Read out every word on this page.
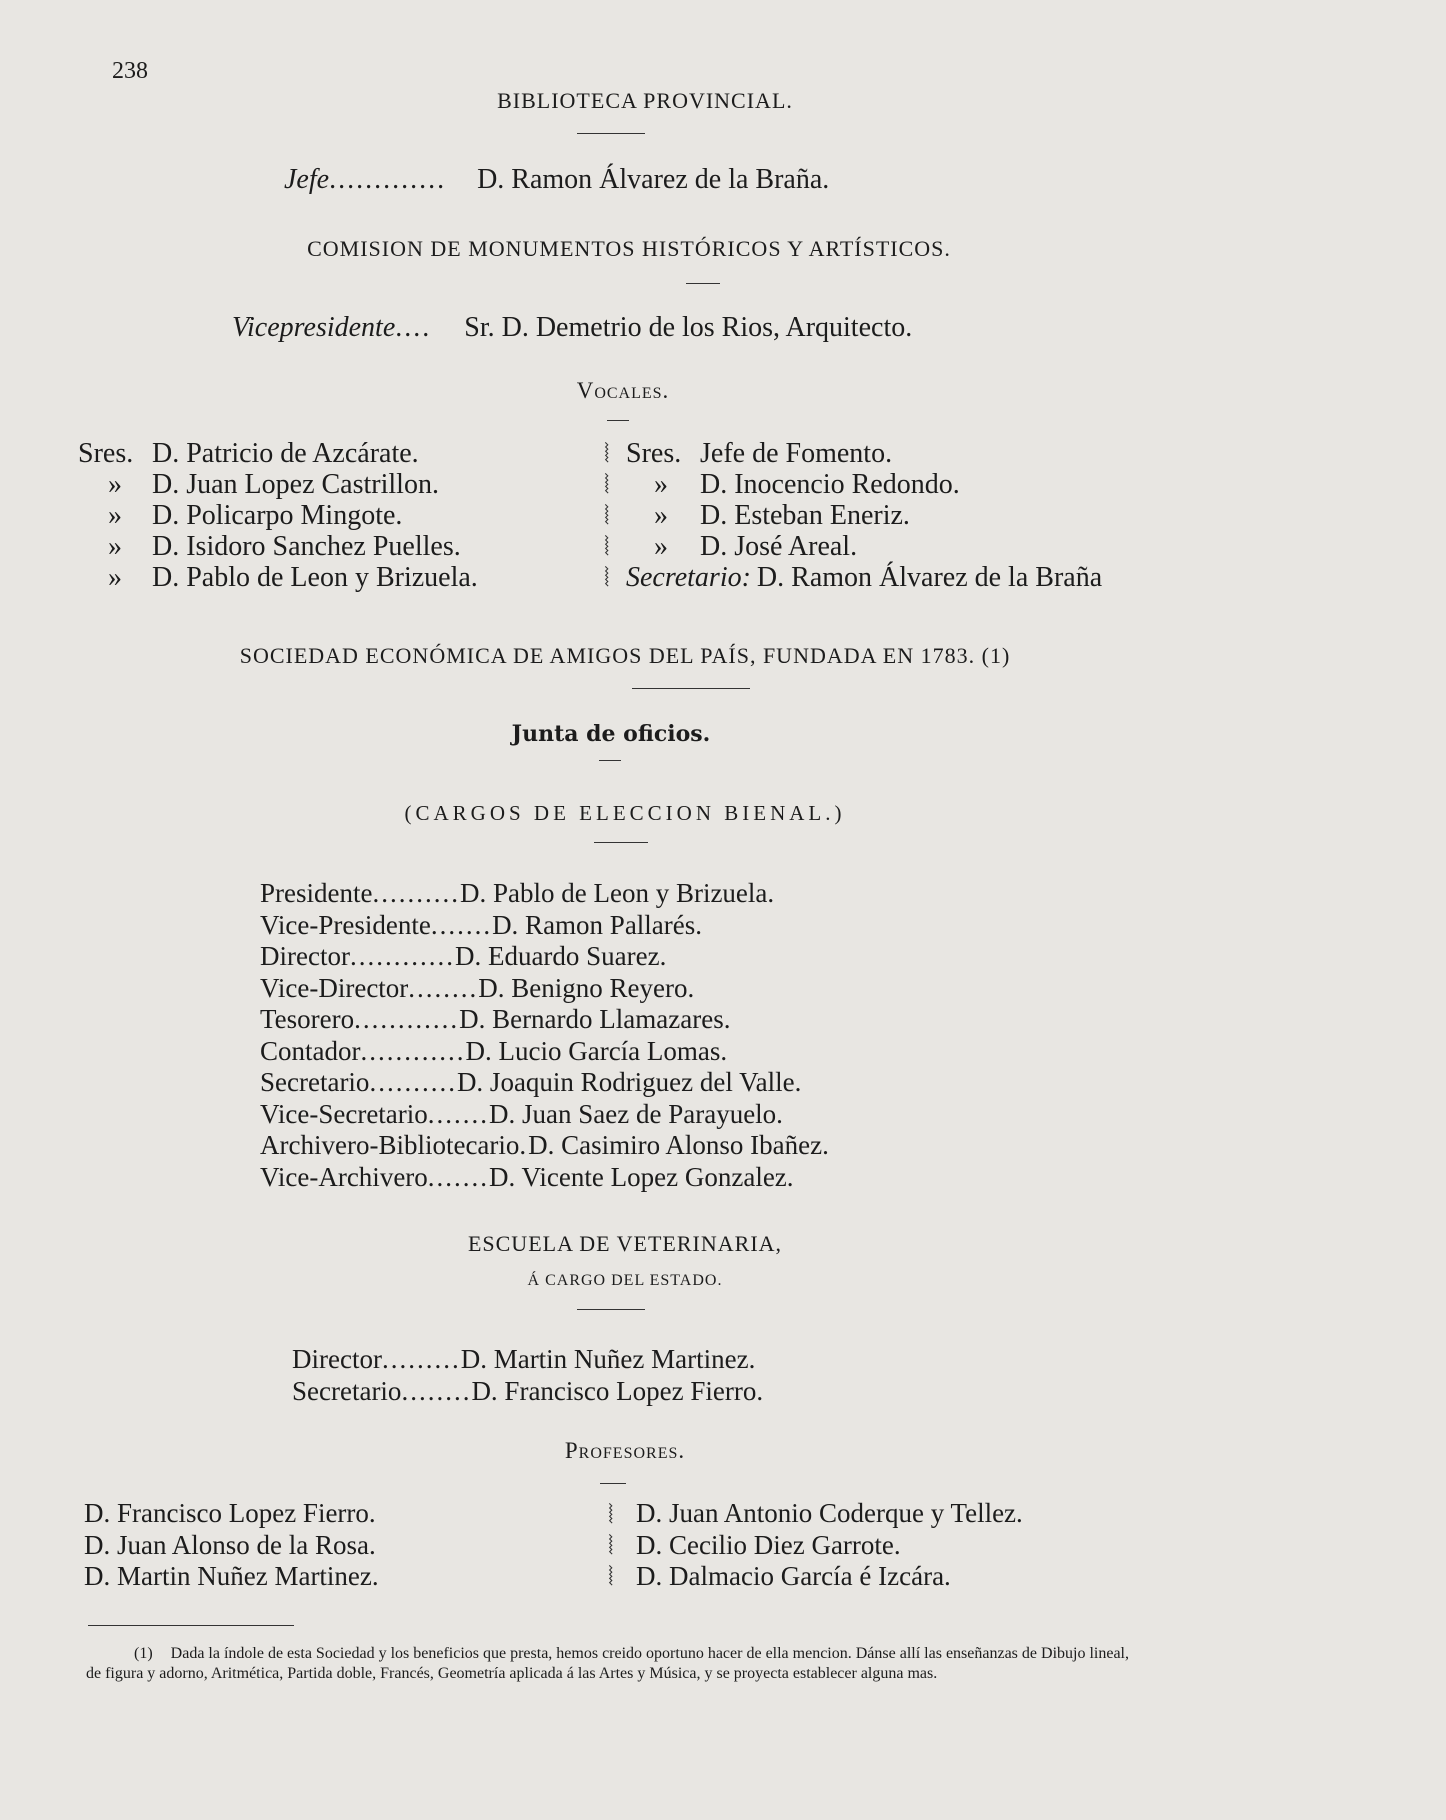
238
BIBLIOTECA PROVINCIAL.
Jefe............. D. Ramon Álvarez de la Braña.
COMISION DE MONUMENTOS HISTÓRICOS Y ARTÍSTICOS.
Vicepresidente.... Sr. D. Demetrio de los Rios, Arquitecto.
Vocales.
Sres. D. Patricio de Azcárate.
» D. Juan Lopez Castrillon.
» D. Policarpo Mingote.
» D. Isidoro Sanchez Puelles.
» D. Pablo de Leon y Brizuela.
⦚
⦚
⦚
⦚
⦚
Sres. Jefe de Fomento.
» D. Inocencio Redondo.
» D. Esteban Eneriz.
» D. José Areal.
Secretario: D. Ramon Álvarez de la Braña
SOCIEDAD ECONÓMICA DE AMIGOS DEL PAÍS, FUNDADA EN 1783. (1)
Junta de oficios.
(CARGOS DE ELECCION BIENAL.)
Presidente..........D. Pablo de Leon y Brizuela.
Vice-Presidente.......D. Ramon Pallarés.
Director............D. Eduardo Suarez.
Vice-Director........D. Benigno Reyero.
Tesorero............D. Bernardo Llamazares.
Contador............D. Lucio García Lomas.
Secretario..........D. Joaquin Rodriguez del Valle.
Vice-Secretario.......D. Juan Saez de Parayuelo.
Archivero-Bibliotecario.D. Casimiro Alonso Ibañez.
Vice-Archivero.......D. Vicente Lopez Gonzalez.
ESCUELA DE VETERINARIA,
Á CARGO DEL ESTADO.
Director.........D. Martin Nuñez Martinez.
Secretario........D. Francisco Lopez Fierro.
Profesores.
D. Francisco Lopez Fierro.
D. Juan Alonso de la Rosa.
D. Martin Nuñez Martinez.
⦚
⦚
⦚
D. Juan Antonio Coderque y Tellez.
D. Cecilio Diez Garrote.
D. Dalmacio García é Izcára.
(1) Dada la índole de esta Sociedad y los beneficios que presta, hemos creido oportuno hacer de ella mencion. Dánse allí las enseñanzas de Dibujo lineal, de figura y adorno, Aritmética, Partida doble, Francés, Geometría aplicada á las Artes y Música, y se proyecta establecer alguna mas.
